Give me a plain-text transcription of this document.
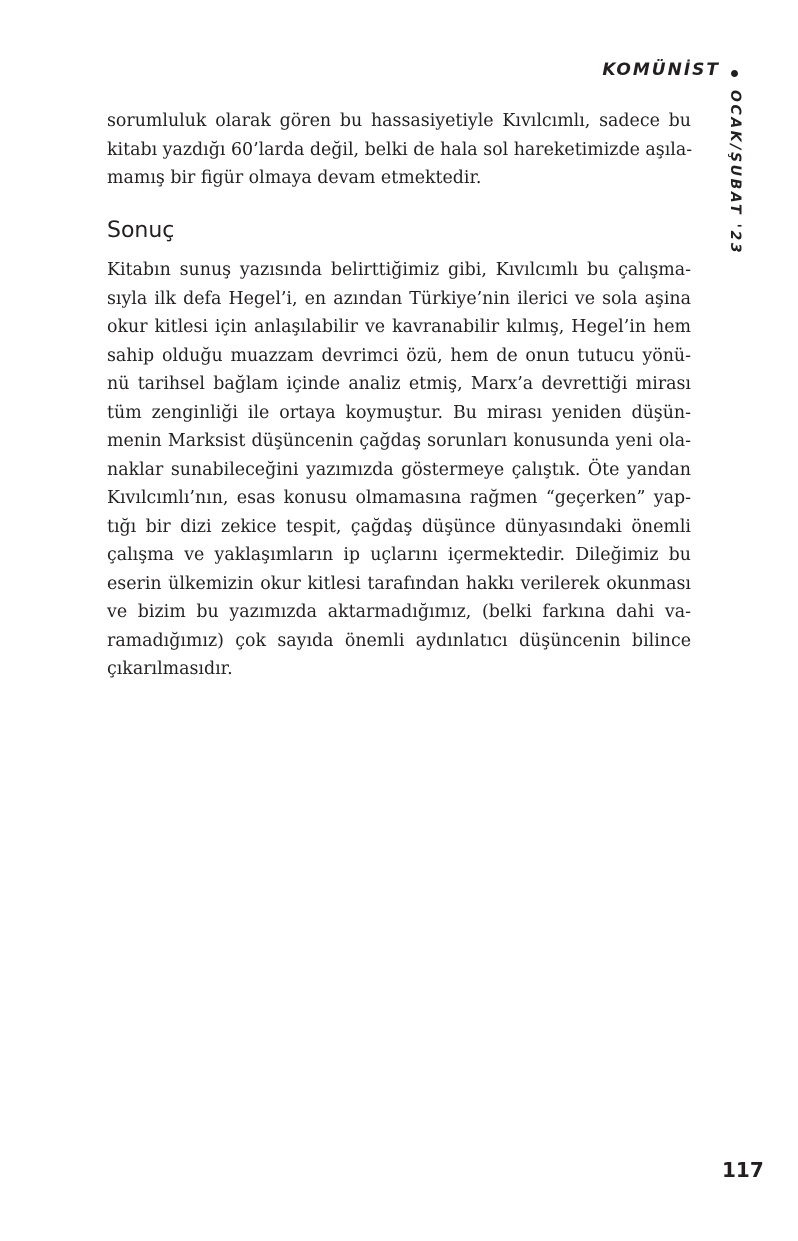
KOMÜNİST
OCAK/ŞUBAT '23
sorumluluk olarak gören bu hassasiyetiyle Kıvılcımlı, sadece bu
kitabı yazdığı 60’larda değil, belki de hala sol hareketimizde aşıla-
mamış bir figür olmaya devam etmektedir.
Sonuç
Kitabın sunuş yazısında belirttiğimiz gibi, Kıvılcımlı bu çalışma-
sıyla ilk defa Hegel’i, en azından Türkiye’nin ilerici ve sola aşina
okur kitlesi için anlaşılabilir ve kavranabilir kılmış, Hegel’in hem
sahip olduğu muazzam devrimci özü, hem de onun tutucu yönü-
nü tarihsel bağlam içinde analiz etmiş, Marx’a devrettiği mirası
tüm zenginliği ile ortaya koymuştur. Bu mirası yeniden düşün-
menin Marksist düşüncenin çağdaş sorunları konusunda yeni ola-
naklar sunabileceğini yazımızda göstermeye çalıştık. Öte yandan
Kıvılcımlı’nın, esas konusu olmamasına rağmen “geçerken” yap-
tığı bir dizi zekice tespit, çağdaş düşünce dünyasındaki önemli
çalışma ve yaklaşımların ip uçlarını içermektedir. Dileğimiz bu
eserin ülkemizin okur kitlesi tarafından hakkı verilerek okunması
ve bizim bu yazımızda aktarmadığımız, (belki farkına dahi va-
ramadığımız) çok sayıda önemli aydınlatıcı düşüncenin bilince
çıkarılmasıdır.
117
